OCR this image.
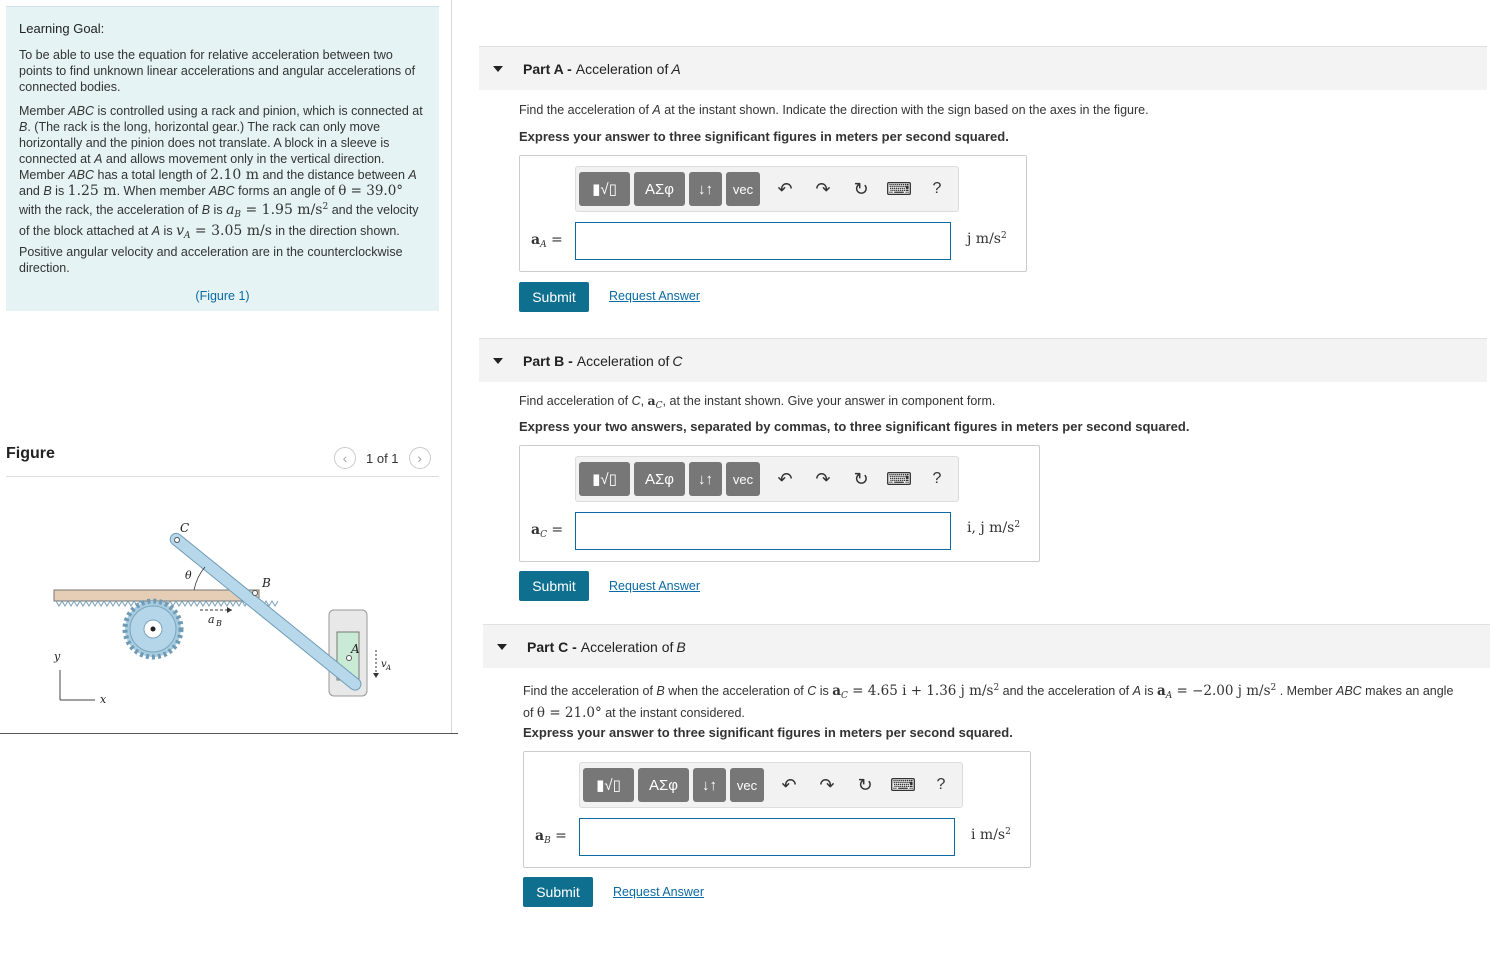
Learning Goal:

To be able to use the equation for relative acceleration between two points to find unknown linear accelerations and angular accelerations of connected bodies.

Member ABC is controlled using a rack and pinion, which is connected at B. (The rack is the long, horizontal gear.) The rack can only move horizontally and the pinion does not translate. A block in a sleeve is connected at A and allows movement only in the vertical direction. Member ABC has a total length of 2.10 m and the distance between A and B is 1.25 m. When member ABC forms an angle of θ = 39.0° with the rack, the acceleration of B is $a_B = 1.95$ $m/s^2$ and the velocity of the block attached at A is $v_A = 3.05$ m/s in the direction shown. Positive angular velocity and acceleration are in the counterclockwise direction.

(Figure 1)
Figure	‹	1 of 1	›
C
B
A
θ
a B
v A
y
x
Part A - Acceleration of A
Find the acceleration of A at the instant shown. Indicate the direction with the sign based on the axes in the figure.
Express your answer to three significant figures in meters per second squared.
▮√▯	ΑΣφ	↓↑	vec	↶	↷	↻ ⌨	?
$a_A$ =	j $m/s^2$
Submit	Request Answer
Part B - Acceleration of C
Find acceleration of C, $a_C$, at the instant shown. Give your answer in component form.
Express your two answers, separated by commas, to three significant figures in meters per second squared.
▮√▯	ΑΣφ	↓↑	vec	↶	↷	↻ ⌨	?
$a_C$ =	i, j $m/s^2$
Submit	Request Answer
Part C - Acceleration of B
Find the acceleration of B when the acceleration of C is $a_C = 4.65$ i + 1.36 j $m/s^2$ and the acceleration of A is $a_A = -2.00$ j $m/s^2$ . Member ABC makes an angle
of θ = 21.0° at the instant considered.
Express your answer to three significant figures in meters per second squared.
▮√▯	ΑΣφ	↓↑	vec	↶	↷	↻ ⌨	?
$a_B$ =	i $m/s^2$
Submit	Request Answer
